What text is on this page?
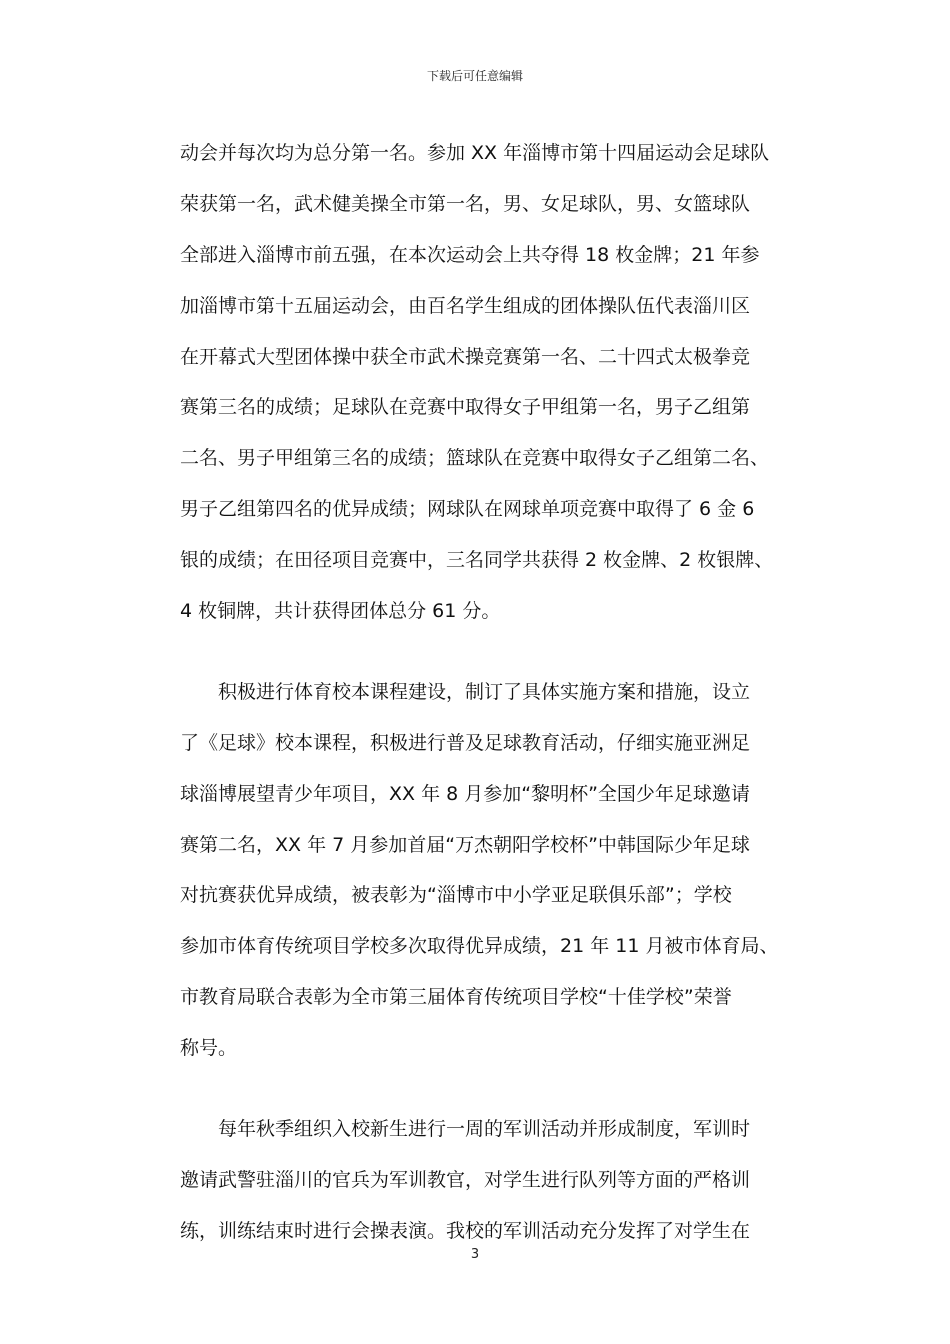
下载后可任意编辑
动会并每次均为总分第一名。参加 XX 年淄博市第十四届运动会足球队
荣获第一名，武术健美操全市第一名，男、女足球队，男、女篮球队
全部进入淄博市前五强，在本次运动会上共夺得 18 枚金牌；21 年参
加淄博市第十五届运动会，由百名学生组成的团体操队伍代表淄川区
在开幕式大型团体操中获全市武术操竞赛第一名、二十四式太极拳竞
赛第三名的成绩；足球队在竞赛中取得女子甲组第一名，男子乙组第
二名、男子甲组第三名的成绩；篮球队在竞赛中取得女子乙组第二名、
男子乙组第四名的优异成绩；网球队在网球单项竞赛中取得了 6 金 6
银的成绩；在田径项目竞赛中，三名同学共获得 2 枚金牌、2 枚银牌、
4 枚铜牌，共计获得团体总分 61 分。
积极进行体育校本课程建设，制订了具体实施方案和措施，设立
了《足球》校本课程，积极进行普及足球教育活动，仔细实施亚洲足
球淄博展望青少年项目，XX 年 8 月参加“黎明杯”全国少年足球邀请
赛第二名，XX 年 7 月参加首届“万杰朝阳学校杯”中韩国际少年足球
对抗赛获优异成绩，被表彰为“淄博市中小学亚足联俱乐部”；学校
参加市体育传统项目学校多次取得优异成绩，21 年 11 月被市体育局、
市教育局联合表彰为全市第三届体育传统项目学校“十佳学校”荣誉
称号。
每年秋季组织入校新生进行一周的军训活动并形成制度，军训时
邀请武警驻淄川的官兵为军训教官，对学生进行队列等方面的严格训
练，训练结束时进行会操表演。我校的军训活动充分发挥了对学生在
3
